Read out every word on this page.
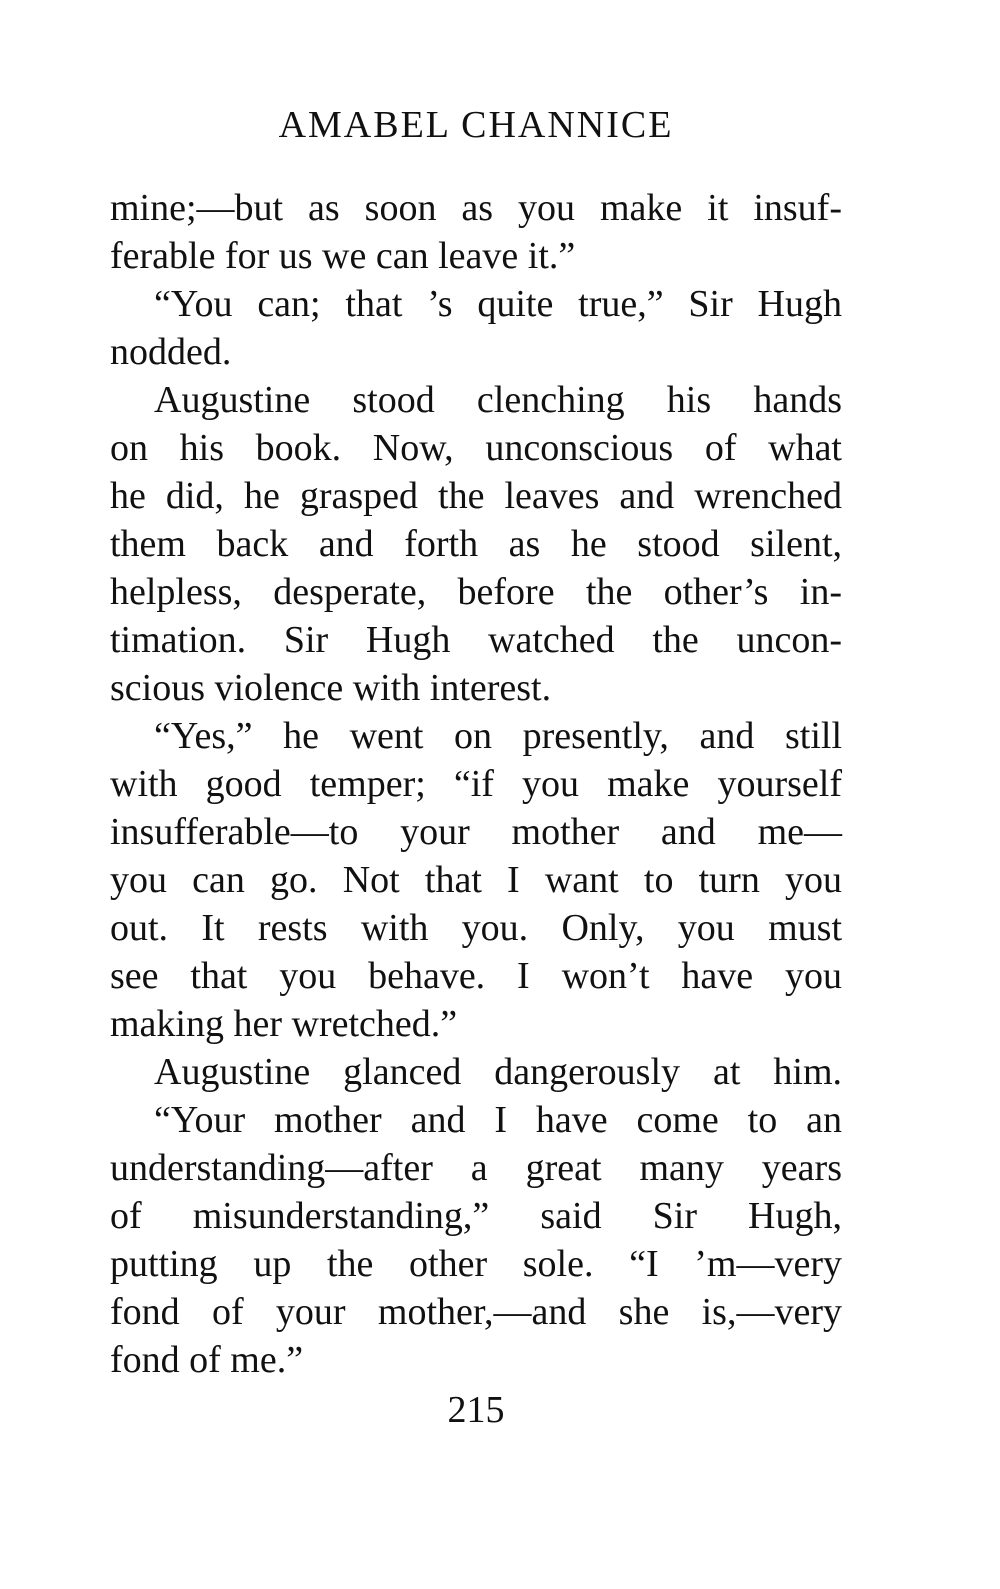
AMABEL CHANNICE
mine;—but as soon as you make it insuf-
ferable for us we can leave it.”
“You can; that ’s quite true,” Sir Hugh
nodded.
Augustine stood clenching his hands
on his book. Now, unconscious of what
he did, he grasped the leaves and wrenched
them back and forth as he stood silent,
helpless, desperate, before the other’s in-
timation. Sir Hugh watched the uncon-
scious violence with interest.
“Yes,” he went on presently, and still
with good temper; “if you make yourself
insufferable—to your mother and me—
you can go. Not that I want to turn you
out. It rests with you. Only, you must
see that you behave. I won’t have you
making her wretched.”
Augustine glanced dangerously at him.
“Your mother and I have come to an
understanding—after a great many years
of misunderstanding,” said Sir Hugh,
putting up the other sole. “I ’m—very
fond of your mother,—and she is,—very
fond of me.”
215
